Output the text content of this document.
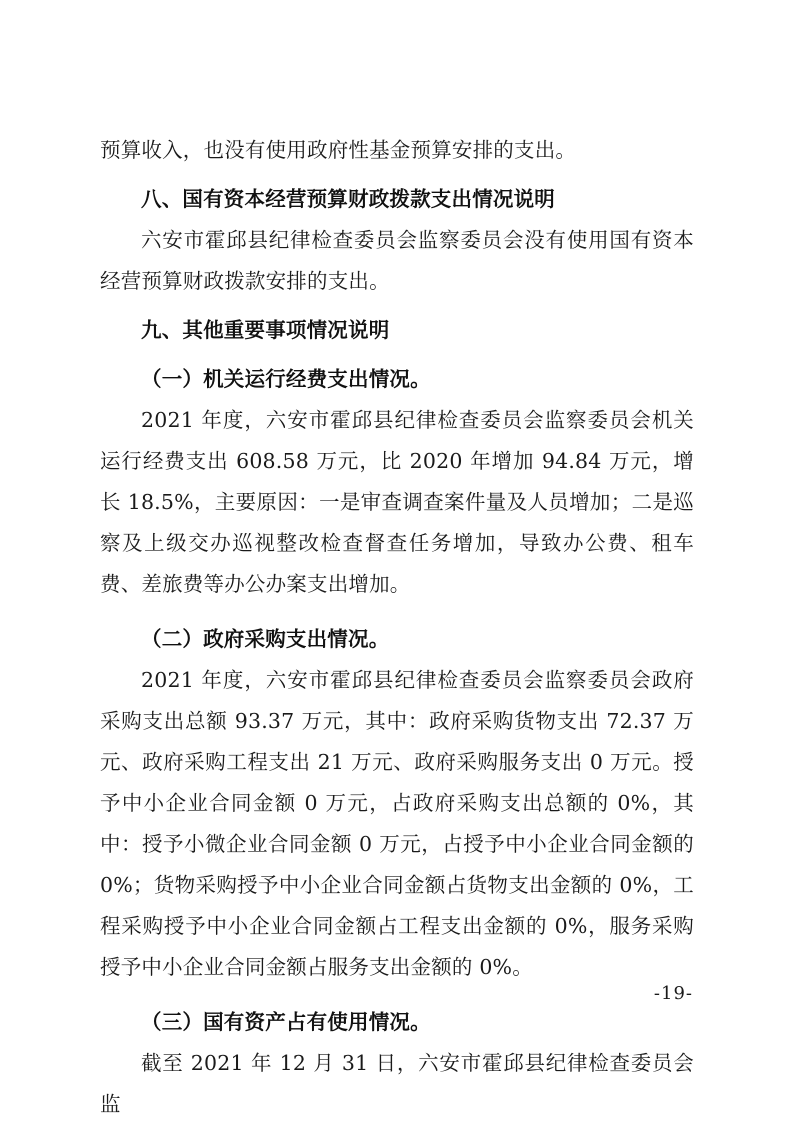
预算收入，也没有使用政府性基金预算安排的支出。

八、国有资本经营预算财政拨款支出情况说明

六安市霍邱县纪律检查委员会监察委员会没有使用国有资本经营预算财政拨款安排的支出。

九、其他重要事项情况说明
（一）机关运行经费支出情况。

2021 年度，六安市霍邱县纪律检查委员会监察委员会机关运行经费支出 608.58 万元，比 2020 年增加 94.84 万元，增长 18.5%，主要原因：一是审查调查案件量及人员增加；二是巡察及上级交办巡视整改检查督查任务增加，导致办公费、租车费、差旅费等办公办案支出增加。

（二）政府采购支出情况。

2021 年度，六安市霍邱县纪律检查委员会监察委员会政府采购支出总额 93.37 万元，其中：政府采购货物支出 72.37 万元、政府采购工程支出 21 万元、政府采购服务支出 0 万元。授予中小企业合同金额 0 万元，占政府采购支出总额的 0%，其中：授予小微企业合同金额 0 万元，占授予中小企业合同金额的 0%；货物采购授予中小企业合同金额占货物支出金额的 0%，工程采购授予中小企业合同金额占工程支出金额的 0%，服务采购授予中小企业合同金额占服务支出金额的 0%。

（三）国有资产占有使用情况。

截至 2021 年 12 月 31 日，六安市霍邱县纪律检查委员会监

-19-
